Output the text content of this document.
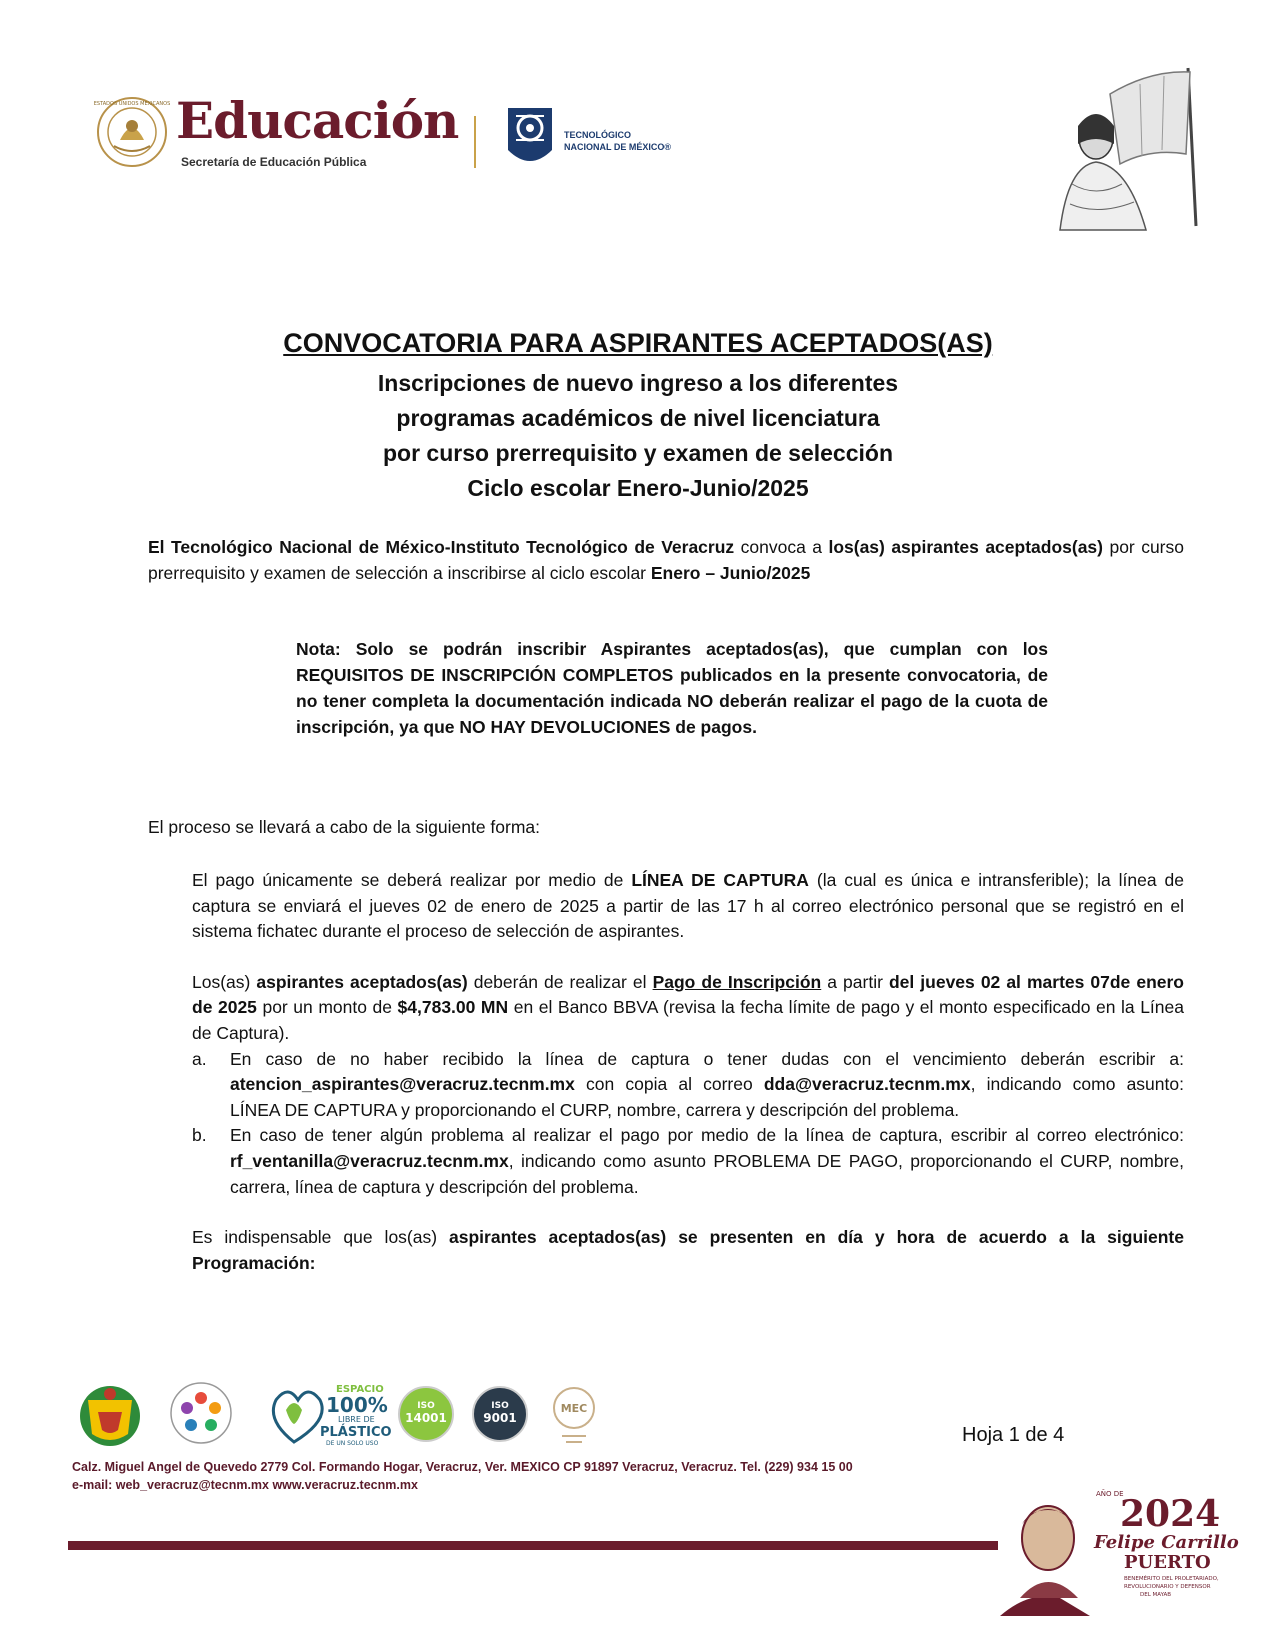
ESTADOS UNIDOS MEXICANOS Educación
Secretaría de Educación Pública
TECNOLÓGICO
NACIONAL DE MÉXICO®
CONVOCATORIA PARA ASPIRANTES ACEPTADOS(AS)
Inscripciones de nuevo ingreso a los diferentes
programas académicos de nivel licenciatura
por curso prerrequisito y examen de selección
Ciclo escolar Enero-Junio/2025
El Tecnológico Nacional de México-Instituto Tecnológico de Veracruz convoca a los(as) aspirantes aceptados(as) por curso prerrequisito y examen de selección a inscribirse al ciclo escolar Enero – Junio/2025
Nota: Solo se podrán inscribir Aspirantes aceptados(as), que cumplan con los REQUISITOS DE INSCRIPCIÓN COMPLETOS publicados en la presente convocatoria, de no tener completa la documentación indicada NO deberán realizar el pago de la cuota de inscripción, ya que NO HAY DEVOLUCIONES de pagos.
El proceso se llevará a cabo de la siguiente forma:

El pago únicamente se deberá realizar por medio de LÍNEA DE CAPTURA (la cual es única e intransferible); la línea de captura se enviará el jueves 02 de enero de 2025 a partir de las 17 h al correo electrónico personal que se registró en el sistema fichatec durante el proceso de selección de aspirantes.

Los(as) aspirantes aceptados(as) deberán de realizar el Pago de Inscripción a partir del jueves 02 al martes 07de enero de 2025 por un monto de $4,783.00 MN en el Banco BBVA (revisa la fecha límite de pago y el monto especificado en la Línea de Captura).

a. En caso de no haber recibido la línea de captura o tener dudas con el vencimiento deberán escribir a: atencion_aspirantes@veracruz.tecnm.mx con copia al correo dda@veracruz.tecnm.mx, indicando como asunto: LÍNEA DE CAPTURA y proporcionando el CURP, nombre, carrera y descripción del problema.
b. En caso de tener algún problema al realizar el pago por medio de la línea de captura, escribir al correo electrónico: rf_ventanilla@veracruz.tecnm.mx, indicando como asunto PROBLEMA DE PAGO, proporcionando el CURP, nombre, carrera, línea de captura y descripción del problema.

Es indispensable que los(as) aspirantes aceptados(as) se presenten en día y hora de acuerdo a la siguiente Programación:

ESPACIO
100%
LIBRE DE
PLÁSTICO
DE UN SOLO USO
ISO
14001
ISO
9001
MEC
Hoja 1 de 4
Calz. Miguel Angel de Quevedo 2779 Col. Formando Hogar, Veracruz, Ver. MEXICO CP 91897 Veracruz, Veracruz. Tel. (229) 934 15 00
e-mail: web_veracruz@tecnm.mx www.veracruz.tecnm.mx
AÑO DE
2024
Felipe Carrillo
PUERTO
BENEMÉRITO DEL PROLETARIADO,
REVOLUCIONARIO Y DEFENSOR
DEL MAYAB
